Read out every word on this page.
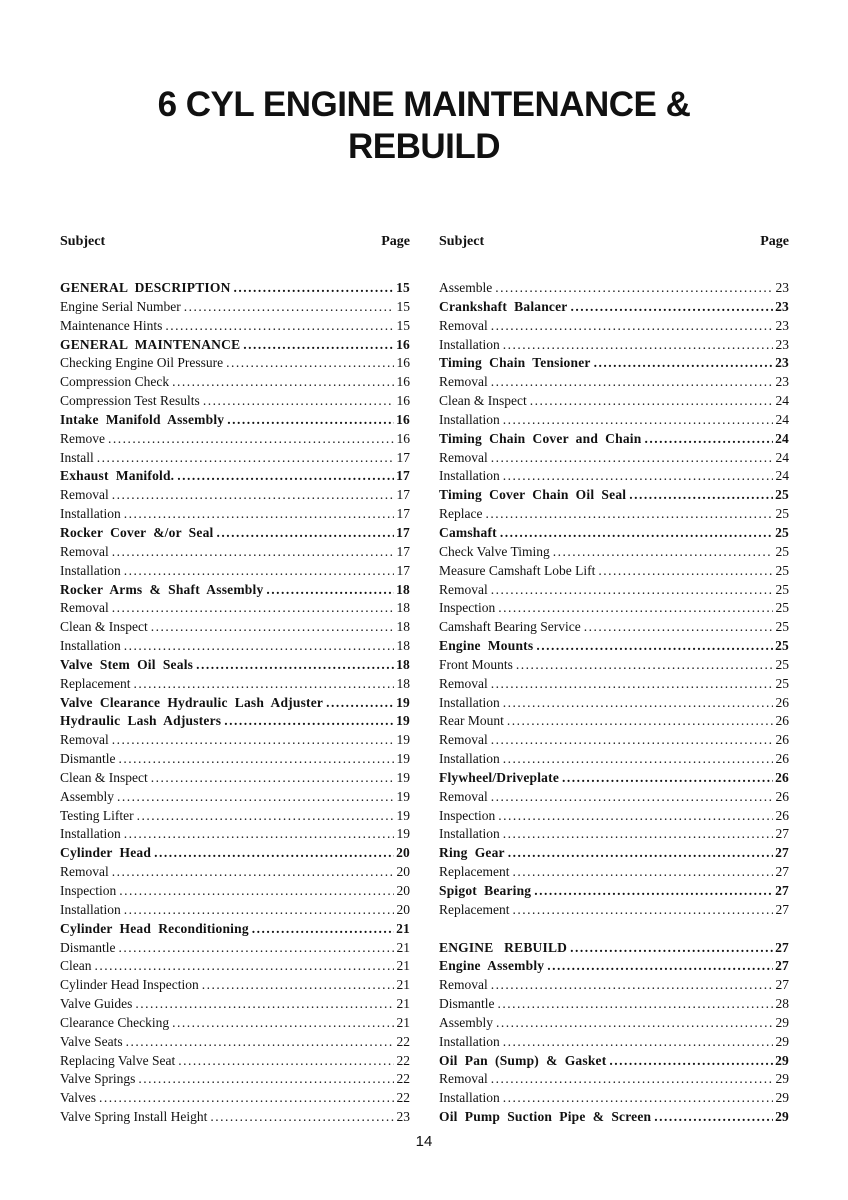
6 CYL ENGINE MAINTENANCE &
REBUILD
Subject	Page
GENERAL  DESCRIPTION .....	15
Engine Serial Number .....	15
Maintenance Hints .....	15
GENERAL  MAINTENANCE .....	16
Checking Engine Oil Pressure .....	16
Compression Check .....	16
Compression Test Results .....	16
Intake  Manifold  Assembly .....	16
Remove .....	16
Install .....	17
Exhaust  Manifold. .....	17
Removal .....	17
Installation .....	17
Rocker  Cover  &/or  Seal .....	17
Removal .....	17
Installation .....	17
Rocker  Arms  &  Shaft  Assembly .....	18
Removal .....	18
Clean & Inspect .....	18
Installation .....	18
Valve  Stem  Oil  Seals .....	18
Replacement .....	18
Valve  Clearance  Hydraulic  Lash  Adjuster .....	19
Hydraulic  Lash  Adjusters .....	19
Removal .....	19
Dismantle .....	19
Clean & Inspect .....	19
Assembly .....	19
Testing Lifter .....	19
Installation .....	19
Cylinder  Head .....	20
Removal .....	20
Inspection .....	20
Installation .....	20
Cylinder  Head  Reconditioning .....	21
Dismantle .....	21
Clean .....	21
Cylinder Head Inspection .....	21
Valve Guides .....	21
Clearance Checking .....	21
Valve Seats .....	22
Replacing Valve Seat .....	22
Valve Springs .....	22
Valves .....	22
Valve Spring Install Height .....	23
Subject	Page
Assemble .....	23
Crankshaft  Balancer .....	23
Removal .....	23
Installation .....	23
Timing  Chain  Tensioner .....	23
Removal .....	23
Clean & Inspect .....	24
Installation .....	24
Timing  Chain  Cover  and  Chain .....	24
Removal .....	24
Installation .....	24
Timing  Cover  Chain  Oil  Seal .....	25
Replace .....	25
Camshaft .....	25
Check Valve Timing .....	25
Measure Camshaft Lobe Lift .....	25
Removal .....	25
Inspection .....	25
Camshaft Bearing Service .....	25
Engine  Mounts .....	25
Front Mounts .....	25
Removal .....	25
Installation .....	26
Rear Mount .....	26
Removal .....	26
Installation .....	26
Flywheel/Driveplate .....	26
Removal .....	26
Inspection .....	26
Installation .....	27
Ring  Gear .....	27
Replacement .....	27
Spigot  Bearing .....	27
Replacement .....	27
ENGINE   REBUILD .....	27
Engine  Assembly .....	27
Removal .....	27
Dismantle .....	28
Assembly .....	29
Installation .....	29
Oil  Pan  (Sump)  &  Gasket .....	29
Removal .....	29
Installation .....	29
Oil  Pump  Suction  Pipe  &  Screen .....	29
14
